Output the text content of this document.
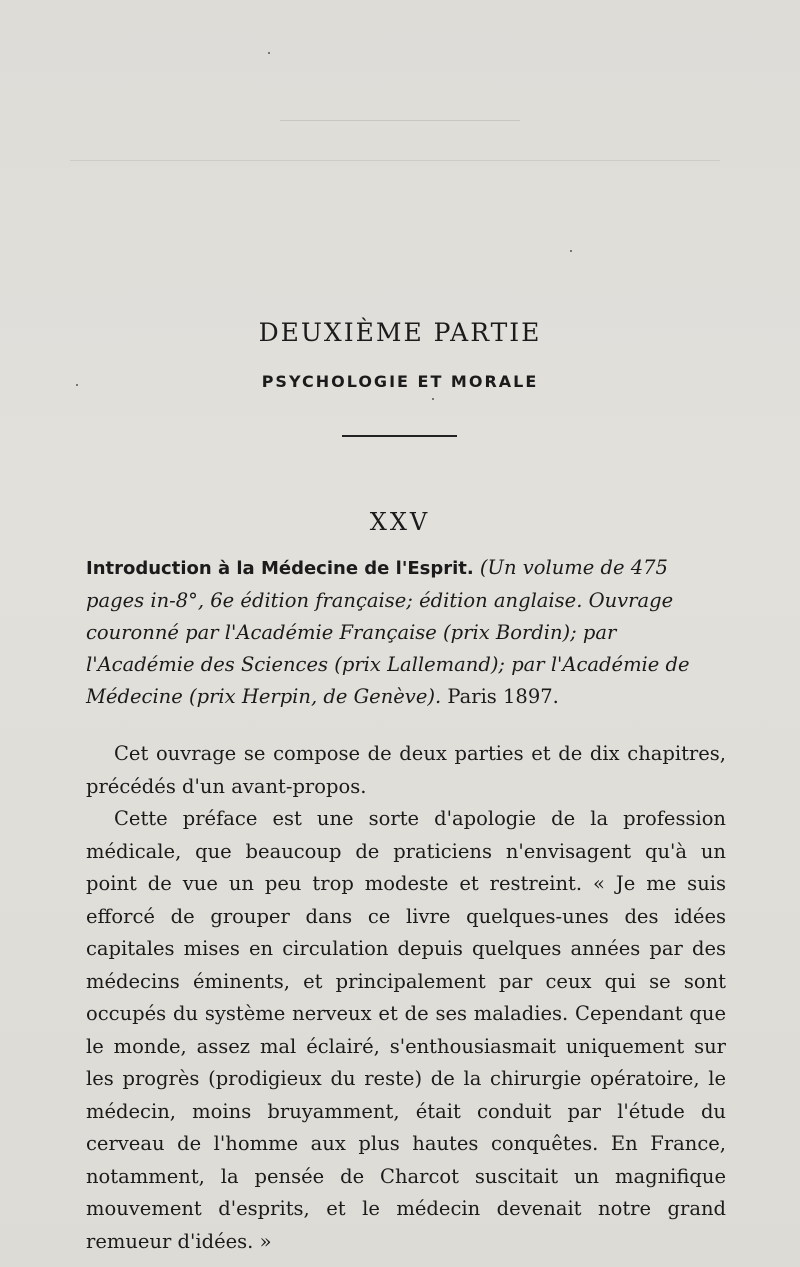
DEUXIÈME PARTIE
PSYCHOLOGIE ET MORALE
XXV
Introduction à la Médecine de l'Esprit. (Un volume de 475 pages in-8°, 6e édition française; édition anglaise. Ouvrage couronné par l'Académie Française (prix Bordin); par l'Académie des Sciences (prix Lallemand); par l'Académie de Médecine (prix Herpin, de Genève). Paris 1897.

Cet ouvrage se compose de deux parties et de dix chapitres, précédés d'un avant-propos.

Cette préface est une sorte d'apologie de la profession médicale, que beaucoup de praticiens n'envisagent qu'à un point de vue un peu trop modeste et restreint. « Je me suis efforcé de grouper dans ce livre quelques-unes des idées capitales mises en circulation depuis quelques années par des médecins éminents, et principalement par ceux qui se sont occupés du système nerveux et de ses maladies. Cependant que le monde, assez mal éclairé, s'enthousiasmait uniquement sur les progrès (prodigieux du reste) de la chirurgie opératoire, le médecin, moins bruyamment, était conduit par l'étude du cerveau de l'homme aux plus hautes conquêtes. En France, notamment, la pensée de Charcot suscitait un magnifique mouvement d'esprits, et le médecin devenait notre grand remueur d'idées. »
